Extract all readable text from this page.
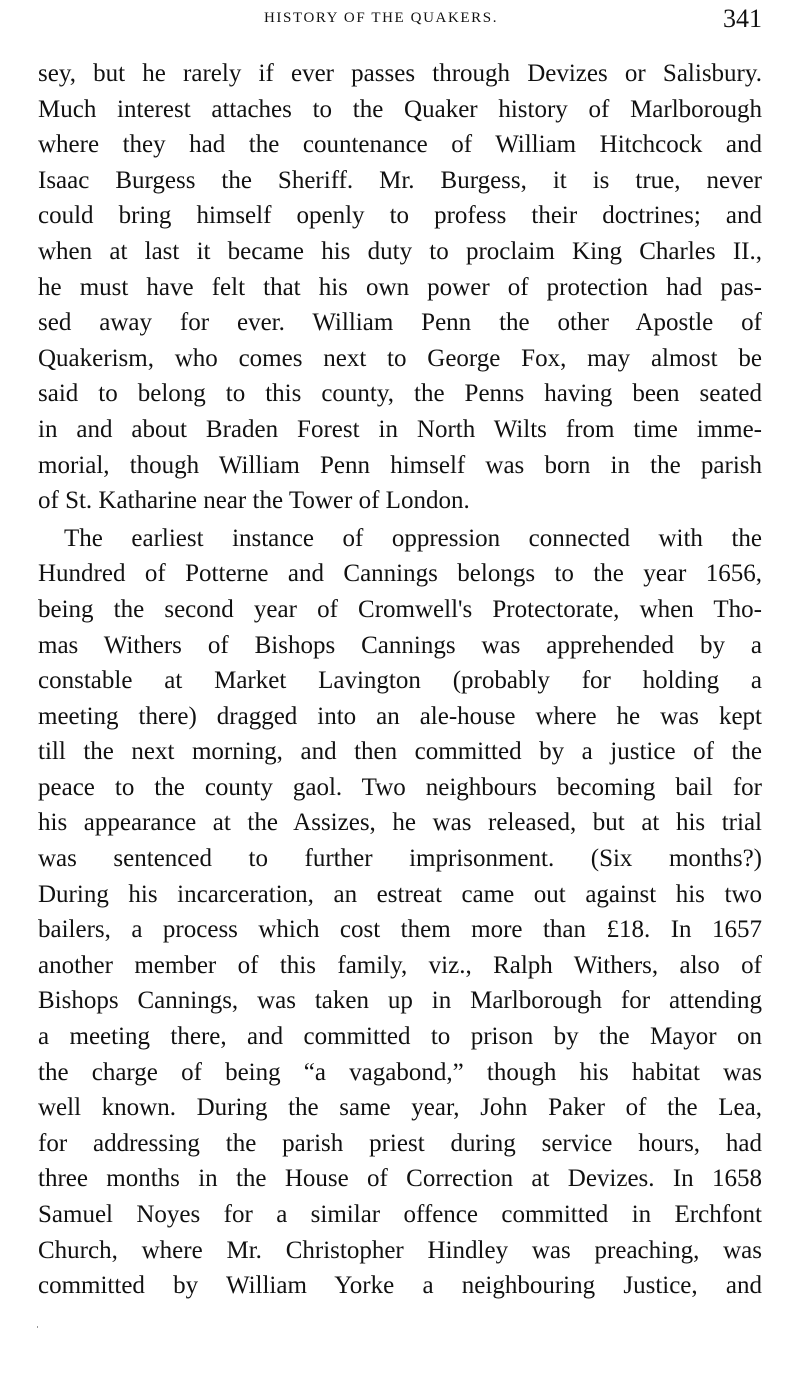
HISTORY OF THE QUAKERS.	341
sey, but he rarely if ever passes through Devizes or Salisbury.
Much interest attaches to the Quaker history of Marlborough
where they had the countenance of William Hitchcock and
Isaac Burgess the Sheriff. Mr. Burgess, it is true, never
could bring himself openly to profess their doctrines; and
when at last it became his duty to proclaim King Charles II.,
he must have felt that his own power of protection had pas-
sed away for ever. William Penn the other Apostle of
Quakerism, who comes next to George Fox, may almost be
said to belong to this county, the Penns having been seated
in and about Braden Forest in North Wilts from time imme-
morial, though William Penn himself was born in the parish
of St. Katharine near the Tower of London.
The earliest instance of oppression connected with the
Hundred of Potterne and Cannings belongs to the year 1656,
being the second year of Cromwell's Protectorate, when Tho-
mas Withers of Bishops Cannings was apprehended by a
constable at Market Lavington (probably for holding a
meeting there) dragged into an ale-house where he was kept
till the next morning, and then committed by a justice of the
peace to the county gaol. Two neighbours becoming bail for
his appearance at the Assizes, he was released, but at his trial
was sentenced to further imprisonment. (Six months?)
During his incarceration, an estreat came out against his two
bailers, a process which cost them more than £18. In 1657
another member of this family, viz., Ralph Withers, also of
Bishops Cannings, was taken up in Marlborough for attending
a meeting there, and committed to prison by the Mayor on
the charge of being “a vagabond,” though his habitat was
well known. During the same year, John Paker of the Lea,
for addressing the parish priest during service hours, had
three months in the House of Correction at Devizes. In 1658
Samuel Noyes for a similar offence committed in Erchfont
Church, where Mr. Christopher Hindley was preaching, was
committed by William Yorke a neighbouring Justice, and
